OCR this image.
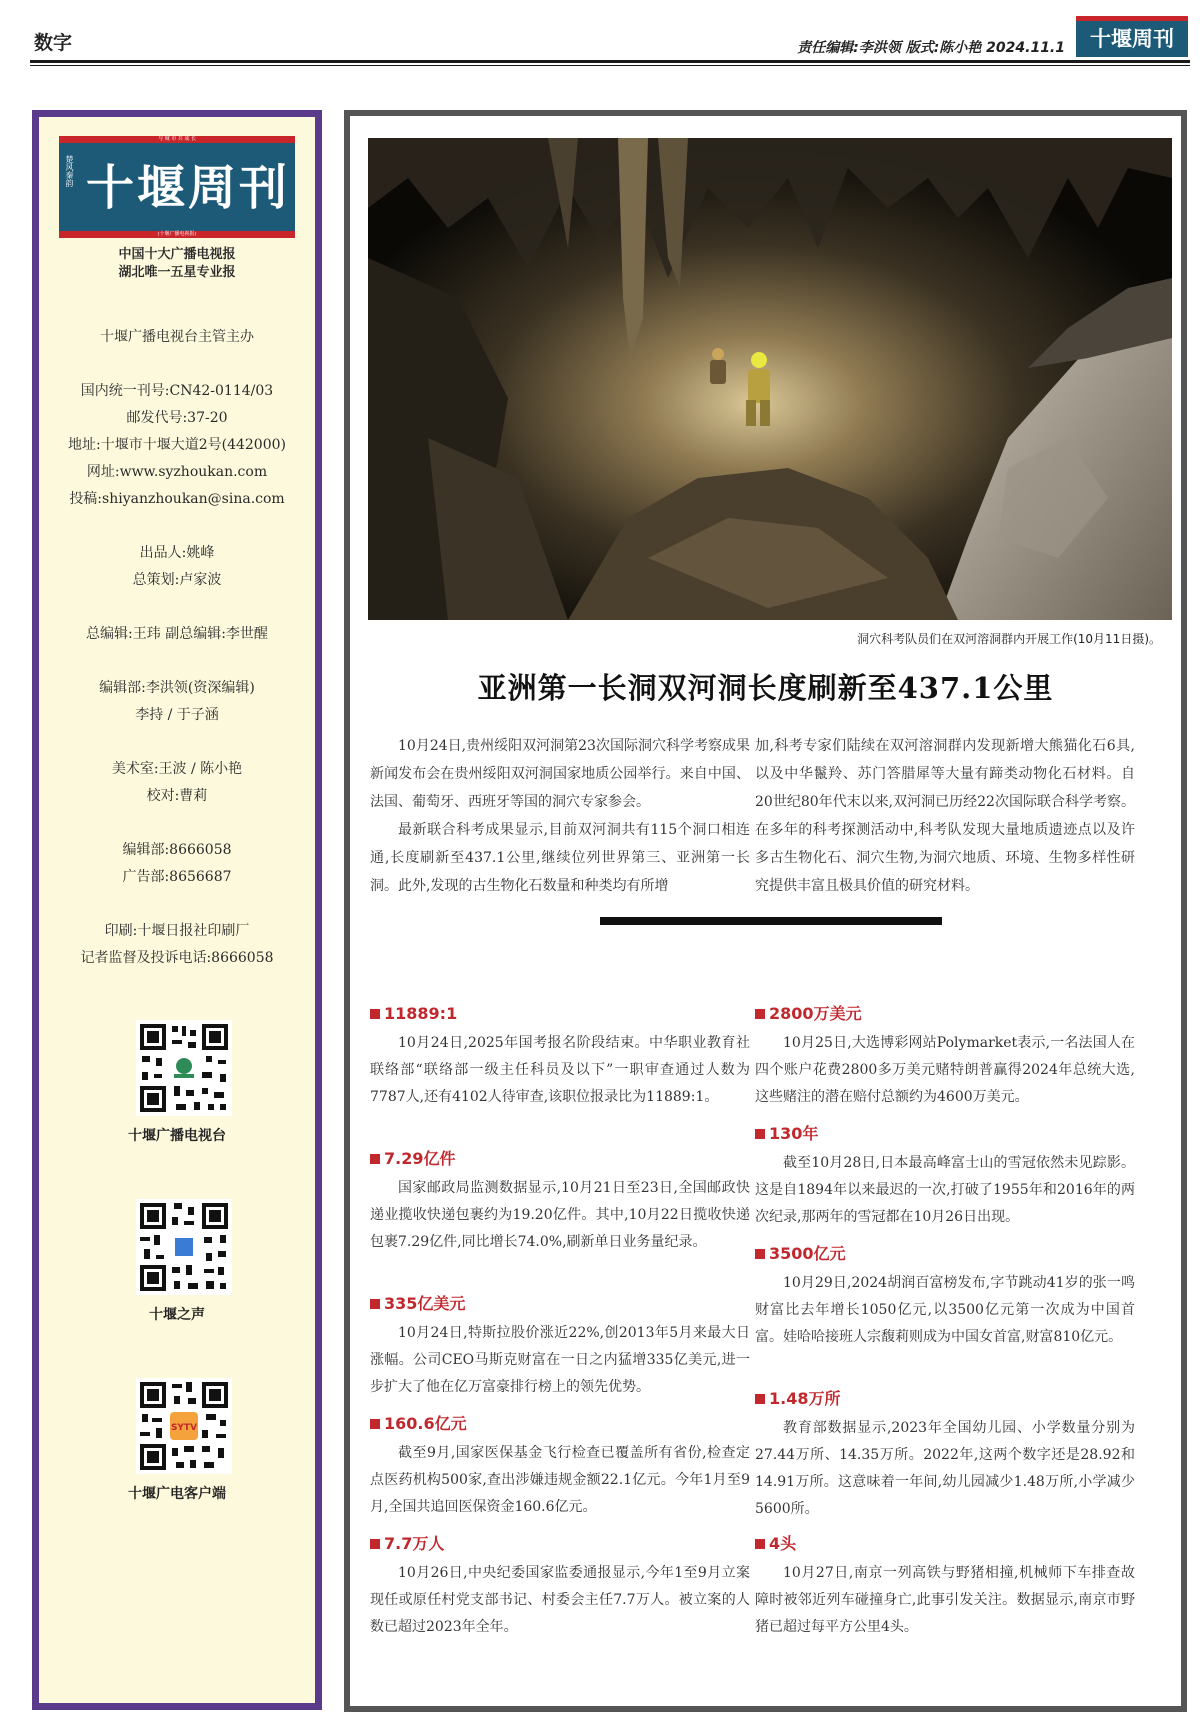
数字	责任编辑:李洪领 版式:陈小艳 2024.11.1	十堰周刊
与 城 市 共 成 长
楚风秦韵 十堰周刊
(十堰广播电视报)
中国十大广播电视报
湖北唯一五星专业报
十堰广播电视台主管主办
国内统一刊号:CN42-0114/03
邮发代号:37-20
地址:十堰市十堰大道2号(442000)
网址:www.syzhoukan.com
投稿:shiyanzhoukan@sina.com
出品人:姚峰
总策划:卢家波
总编辑:王玮 副总编辑:李世醒
编辑部:李洪领(资深编辑)
李持 / 于子涵
美术室:王波 / 陈小艳
校对:曹莉
编辑部:8666058
广告部:8656687
印刷:十堰日报社印刷厂
记者监督及投诉电话:8666058
十堰广播电视台
十堰之声
SYTV
十堰广电客户端
洞穴科考队员们在双河溶洞群内开展工作(10月11日摄)。
亚洲第一长洞双河洞长度刷新至437.1公里

10月24日,贵州绥阳双河洞第23次国际洞穴科学考察成果新闻发布会在贵州绥阳双河洞国家地质公园举行。来自中国、法国、葡萄牙、西班牙等国的洞穴专家参会。

最新联合科考成果显示,目前双河洞共有115个洞口相连通,长度刷新至437.1公里,继续位列世界第三、亚洲第一长洞。此外,发现的古生物化石数量和种类均有所增

加,科考专家们陆续在双河溶洞群内发现新增大熊猫化石6具,以及中华鬣羚、苏门答腊犀等大量有蹄类动物化石材料。自20世纪80年代末以来,双河洞已历经22次国际联合科学考察。在多年的科考探测活动中,科考队发现大量地质遗迹点以及许多古生物化石、洞穴生物,为洞穴地质、环境、生物多样性研究提供丰富且极具价值的研究材料。

11889:1

10月24日,2025年国考报名阶段结束。中华职业教育社联络部“联络部一级主任科员及以下”一职审查通过人数为7787人,还有4102人待审查,该职位报录比为11889:1。

7.29亿件

国家邮政局监测数据显示,10月21日至23日,全国邮政快递业揽收快递包裹约为19.20亿件。其中,10月22日揽收快递包裹7.29亿件,同比增长74.0%,刷新单日业务量纪录。

335亿美元

10月24日,特斯拉股价涨近22%,创2013年5月来最大日涨幅。公司CEO马斯克财富在一日之内猛增335亿美元,进一步扩大了他在亿万富豪排行榜上的领先优势。

160.6亿元

截至9月,国家医保基金飞行检查已覆盖所有省份,检查定点医药机构500家,查出涉嫌违规金额22.1亿元。今年1月至9月,全国共追回医保资金160.6亿元。

7.7万人

10月26日,中央纪委国家监委通报显示,今年1至9月立案现任或原任村党支部书记、村委会主任7.7万人。被立案的人数已超过2023年全年。

2800万美元

10月25日,大选博彩网站Polymarket表示,一名法国人在四个账户花费2800多万美元赌特朗普赢得2024年总统大选,这些赌注的潜在赔付总额约为4600万美元。

130年

截至10月28日,日本最高峰富士山的雪冠依然未见踪影。这是自1894年以来最迟的一次,打破了1955年和2016年的两次纪录,那两年的雪冠都在10月26日出现。

3500亿元

10月29日,2024胡润百富榜发布,字节跳动41岁的张一鸣财富比去年增长1050亿元,以3500亿元第一次成为中国首富。娃哈哈接班人宗馥莉则成为中国女首富,财富810亿元。

1.48万所

教育部数据显示,2023年全国幼儿园、小学数量分别为27.44万所、14.35万所。2022年,这两个数字还是28.92和14.91万所。这意味着一年间,幼儿园减少1.48万所,小学减少5600所。

4头

10月27日,南京一列高铁与野猪相撞,机械师下车排查故障时被邻近列车碰撞身亡,此事引发关注。数据显示,南京市野猪已超过每平方公里4头。
